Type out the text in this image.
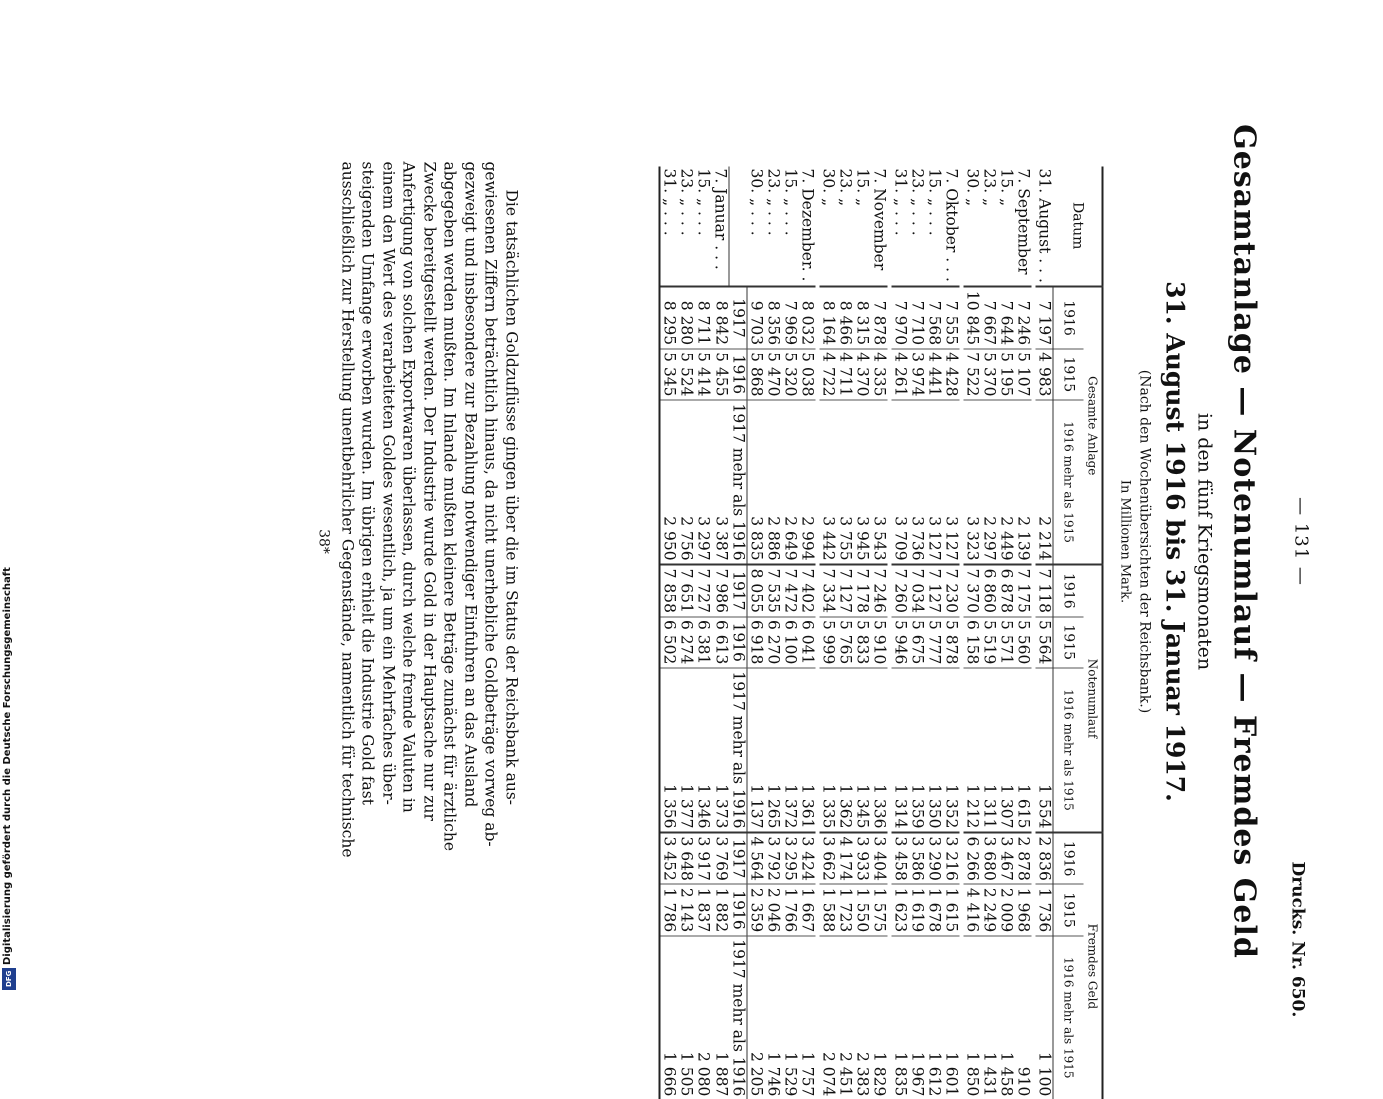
— 131 —
Drucks. Nr. 650.
Gesamtanlage — Notenumlauf — Fremdes Geld
in den fünf Kriegsmonaten
31. August 1916 bis 31. Januar 1917.
(Nach den Wochenübersichten der Reichsbank.)
In Millionen Mark.
Datum	Gesamte Anlage			Notenumlauf			Fremdes Geld		
	1916	1915	1916 mehr als 1915	1916	1915	1916 mehr als 1915	1916	1915	1916 mehr als 1915
31. August . . .	7 197	4 983	2 214	7 118	5 564	1 554	2 836	1 736	1 100

7. September	7 246	5 107	2 139	7 175	5 560	1 615	2 878	1 968	910
15. „	7 644	5 195	2 449	6 878	5 571	1 307	3 467	2 009	1 458
23. „	7 667	5 370	2 297	6 860	5 519	1 311	3 680	2 249	1 431
30. „	10 845	7 522	3 323	7 370	6 158	1 212	6 266	4 416	1 850

7. Oktober . . .	7 555	4 428	3 127	7 230	5 878	1 352	3 216	1 615	1 601
15. „ . . .	7 568	4 441	3 127	7 127	5 777	1 350	3 290	1 678	1 612
23. „ . . .	7 710	3 974	3 736	7 034	5 675	1 359	3 586	1 619	1 967
31. „ . . .	7 970	4 261	3 709	7 260	5 946	1 314	3 458	1 623	1 835

7. November	7 878	4 335	3 543	7 246	5 910	1 336	3 404	1 575	1 829
15. „	8 315	4 370	3 945	7 178	5 833	1 345	3 933	1 550	2 383
23. „	8 466	4 711	3 755	7 127	5 765	1 362	4 174	1 723	2 451
30. „	8 164	4 722	3 442	7 334	5 999	1 335	3 662	1 588	2 074

7. Dezember. .	8 032	5 038	2 994	7 402	6 041	1 361	3 424	1 667	1 757
15. „ . . .	7 969	5 320	2 649	7 472	6 100	1 372	3 295	1 766	1 529
23. „ . . .	8 356	5 470	2 886	7 535	6 270	1 265	3 792	2 046	1 746
30. „ . . .	9 703	5 868	3 835	8 055	6 918	1 137	4 564	2 359	2 205
	1917	1916	1917 mehr als 1916	1917	1916	1917 mehr als 1916	1917	1916	1917 mehr als 1916
7. Januar . . .	8 842	5 455	3 387	7 986	6 613	1 373	3 769	1 882	1 887
15. „ . . .	8 711	5 414	3 297	7 727	6 381	1 346	3 917	1 837	2 080
23. „ . . .	8 280	5 524	2 756	7 651	6 274	1 377	3 648	2 143	1 505
31. „ . . .	8 295	5 345	2 950	7 858	6 502	1 356	3 452	1 786	1 666
Die tatsächlichen Goldzuflüsse gingen über die im Status der Reichsbank aus-
gewiesenen Ziffern beträchtlich hinaus, da nicht unerhebliche Goldbeträge vorweg ab-
gezweigt und insbesondere zur Bezahlung notwendiger Einfuhren an das Ausland
abgegeben werden mußten. Im Inlande mußten kleinere Beträge zunächst für ärztliche
Zwecke bereitgestellt werden. Der Industrie wurde Gold in der Hauptsache nur zur
Anfertigung von solchen Exportwaren überlassen, durch welche fremde Valuten in
einem den Wert des verarbeiteten Goldes wesentlich, ja um ein Mehrfaches über-
steigenden Umfange erworben wurden. Im übrigen erhielt die Industrie Gold fast
ausschließlich zur Herstellung unentbehrlicher Gegenstände, namentlich für technische
38*
Digitalisierung gefördert durch die Deutsche Forschungsgemeinschaft
DFG
